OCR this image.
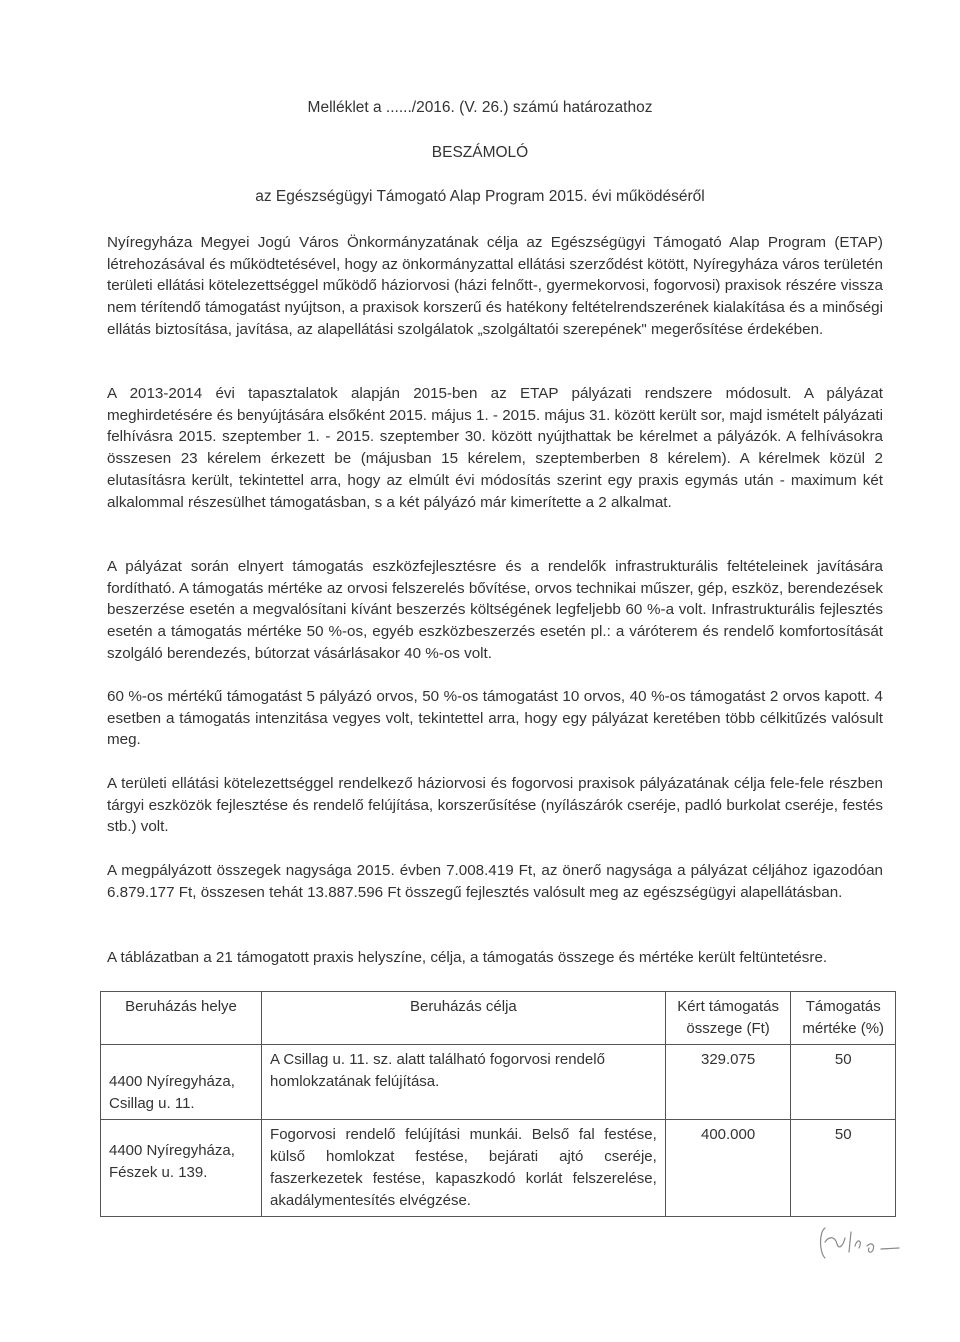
Melléklet a ....../2016. (V. 26.) számú határozathoz
BESZÁMOLÓ
az Egészségügyi Támogató Alap Program 2015. évi működéséről

Nyíregyháza Megyei Jogú Város Önkormányzatának célja az Egészségügyi Támogató Alap Program (ETAP) létrehozásával és működtetésével, hogy az önkormányzattal ellátási szerződést kötött, Nyíregyháza város területén területi ellátási kötelezettséggel működő háziorvosi (házi felnőtt-, gyermekorvosi, fogorvosi) praxisok részére vissza nem térítendő támogatást nyújtson, a praxisok korszerű és hatékony feltételrendszerének kialakítása és a minőségi ellátás biztosítása, javítása, az alapellátási szolgálatok „szolgáltatói szerepének" megerősítése érdekében.

A 2013-2014 évi tapasztalatok alapján 2015-ben az ETAP pályázati rendszere módosult. A pályázat meghirdetésére és benyújtására elsőként 2015. május 1. - 2015. május 31. között került sor, majd ismételt pályázati felhívásra 2015. szeptember 1. - 2015. szeptember 30. között nyújthattak be kérelmet a pályázók. A felhívásokra összesen 23 kérelem érkezett be (májusban 15 kérelem, szeptemberben 8 kérelem). A kérelmek közül 2 elutasításra került, tekintettel arra, hogy az elmúlt évi módosítás szerint egy praxis egymás után - maximum két alkalommal részesülhet támogatásban, s a két pályázó már kimerítette a 2 alkalmat.

A pályázat során elnyert támogatás eszközfejlesztésre és a rendelők infrastrukturális feltételeinek javítására fordítható. A támogatás mértéke az orvosi felszerelés bővítése, orvos technikai műszer, gép, eszköz, berendezések beszerzése esetén a megvalósítani kívánt beszerzés költségének legfeljebb 60 %-a volt. Infrastrukturális fejlesztés esetén a támogatás mértéke 50 %-os, egyéb eszközbeszerzés esetén pl.: a váróterem és rendelő komfortosítását szolgáló berendezés, bútorzat vásárlásakor 40 %-os volt.

60 %-os mértékű támogatást 5 pályázó orvos, 50 %-os támogatást 10 orvos, 40 %-os támogatást 2 orvos kapott. 4 esetben a támogatás intenzitása vegyes volt, tekintettel arra, hogy egy pályázat keretében több célkitűzés valósult meg.

A területi ellátási kötelezettséggel rendelkező háziorvosi és fogorvosi praxisok pályázatának célja fele-fele részben tárgyi eszközök fejlesztése és rendelő felújítása, korszerűsítése (nyílászárók cseréje, padló burkolat cseréje, festés stb.) volt.

A megpályázott összegek nagysága 2015. évben 7.008.419 Ft, az önerő nagysága a pályázat céljához igazodóan 6.879.177 Ft, összesen tehát 13.887.596 Ft összegű fejlesztés valósult meg az egészségügyi alapellátásban.

A táblázatban a 21 támogatott praxis helyszíne, célja, a támogatás összege és mértéke került feltüntetésre.

Beruházás helye	Beruházás célja	Kért támogatás összege (Ft)	Támogatás mértéke (%)
4400 Nyíregyháza, Csillag u. 11.	A Csillag u. 11. sz. alatt található fogorvosi rendelő homlokzatának felújítása.	329.075	50
4400 Nyíregyháza, Fészek u. 139.	Fogorvosi rendelő felújítási munkái. Belső fal festése, külső homlokzat festése, bejárati ajtó cseréje, faszerkezetek festése, kapaszkodó korlát felszerelése, akadálymentesítés elvégzése.	400.000	50
